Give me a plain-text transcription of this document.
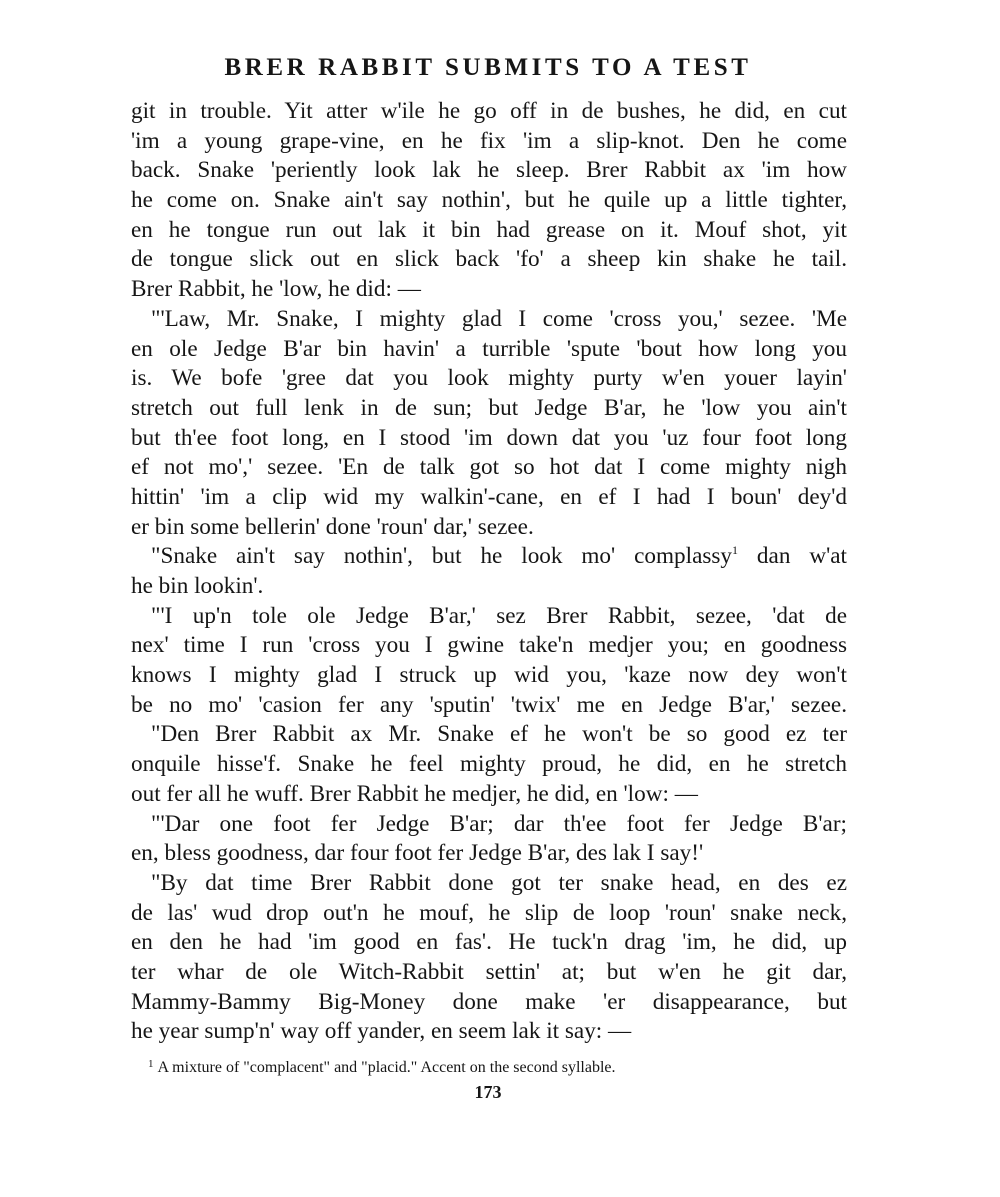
BRER RABBIT SUBMITS TO A TEST
git in trouble. Yit atter w'ile he go off in de bushes, he did, en cut
'im a young grape-vine, en he fix 'im a slip-knot. Den he come
back. Snake 'periently look lak he sleep. Brer Rabbit ax 'im how
he come on. Snake ain't say nothin', but he quile up a little tighter,
en he tongue run out lak it bin had grease on it. Mouf shot, yit
de tongue slick out en slick back 'fo' a sheep kin shake he tail.
Brer Rabbit, he 'low, he did: —
"'Law, Mr. Snake, I mighty glad I come 'cross you,' sezee. 'Me
en ole Jedge B'ar bin havin' a turrible 'spute 'bout how long you
is. We bofe 'gree dat you look mighty purty w'en youer layin'
stretch out full lenk in de sun; but Jedge B'ar, he 'low you ain't
but th'ee foot long, en I stood 'im down dat you 'uz four foot long
ef not mo',' sezee. 'En de talk got so hot dat I come mighty nigh
hittin' 'im a clip wid my walkin'-cane, en ef I had I boun' dey'd
er bin some bellerin' done 'roun' dar,' sezee.
"Snake ain't say nothin', but he look mo' complassy$^1$ dan w'at
he bin lookin'.
"'I up'n tole ole Jedge B'ar,' sez Brer Rabbit, sezee, 'dat de
nex' time I run 'cross you I gwine take'n medjer you; en goodness
knows I mighty glad I struck up wid you, 'kaze now dey won't
be no mo' 'casion fer any 'sputin' 'twix' me en Jedge B'ar,' sezee.
"Den Brer Rabbit ax Mr. Snake ef he won't be so good ez ter
onquile hisse'f. Snake he feel mighty proud, he did, en he stretch
out fer all he wuff. Brer Rabbit he medjer, he did, en 'low: —
"'Dar one foot fer Jedge B'ar; dar th'ee foot fer Jedge B'ar;
en, bless goodness, dar four foot fer Jedge B'ar, des lak I say!'
"By dat time Brer Rabbit done got ter snake head, en des ez
de las' wud drop out'n he mouf, he slip de loop 'roun' snake neck,
en den he had 'im good en fas'. He tuck'n drag 'im, he did, up
ter whar de ole Witch-Rabbit settin' at; but w'en he git dar,
Mammy-Bammy Big-Money done make 'er disappearance, but
he year sump'n' way off yander, en seem lak it say: —
$^1$ A mixture of "complacent" and "placid." Accent on the second syllable.
173
